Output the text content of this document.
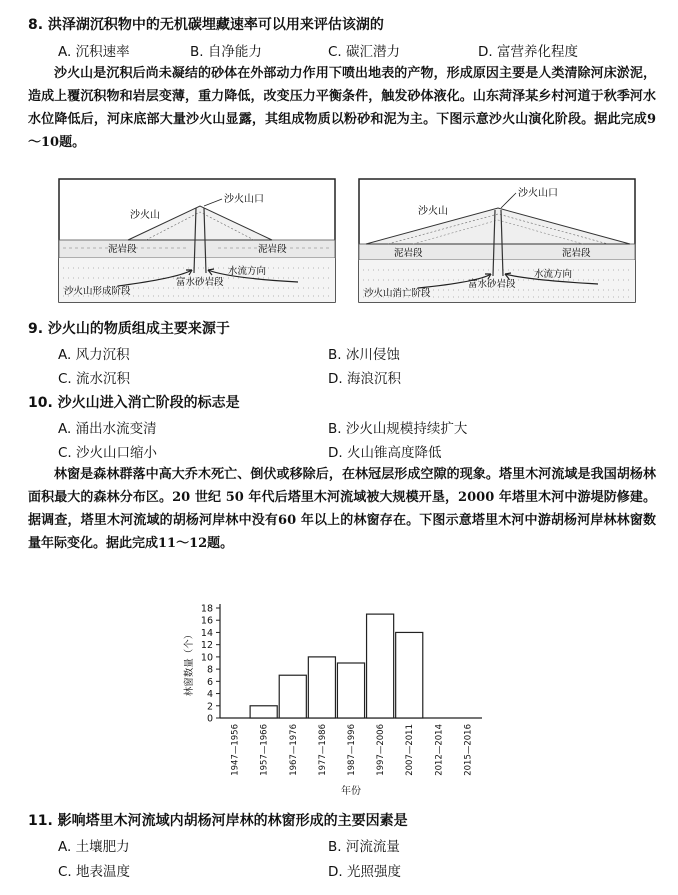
8. 洪泽湖沉积物中的无机碳埋藏速率可以用来评估该湖的
A. 沉积速率	B. 自净能力	C. 碳汇潜力	D. 富营养化程度

沙火山是沉积后尚未凝结的砂体在外部动力作用下喷出地表的产物，形成原因主要是人类清除河床淤泥，造成上覆沉积物和岩层变薄，重力降低，改变压力平衡条件，触发砂体液化。山东菏泽某乡村河道于秋季河水水位降低后，河床底部大量沙火山显露，其组成物质以粉砂和泥为主。下图示意沙火山演化阶段。据此完成9～10题。

沙火山口
沙火山
泥岩段	泥岩段
水流方向
富水砂岩段
沙火山形成阶段
沙火山口
沙火山
泥岩段	泥岩段
水流方向
富水砂岩段
沙火山消亡阶段
9. 沙火山的物质组成主要来源于
A. 风力沉积	B. 冰川侵蚀
C. 流水沉积	D. 海浪沉积
10. 沙火山进入消亡阶段的标志是
A. 涌出水流变清	B. 沙火山规模持续扩大
C. 沙火山口缩小	D. 火山锥高度降低

林窗是森林群落中高大乔木死亡、倒伏或移除后，在林冠层形成空隙的现象。塔里木河流域是我国胡杨林面积最大的森林分布区。20 世纪 50 年代后塔里木河流域被大规模开垦，2000 年塔里木河中游堤防修建。据调查，塔里木河流域的胡杨河岸林中没有60 年以上的林窗存在。下图示意塔里木河中游胡杨河岸林林窗数量年际变化。据此完成11～12题。

0
2
4
6
8
10
12
14
16
18
1947—1956 1957—1966 1967—1976 1977—1986 1987—1996 1997—2006 2007—2011 2012—2014 2015—2016
年份
林窗数量（个）
11. 影响塔里木河流域内胡杨河岸林的林窗形成的主要因素是
A. 土壤肥力	B. 河流流量
C. 地表温度	D. 光照强度
